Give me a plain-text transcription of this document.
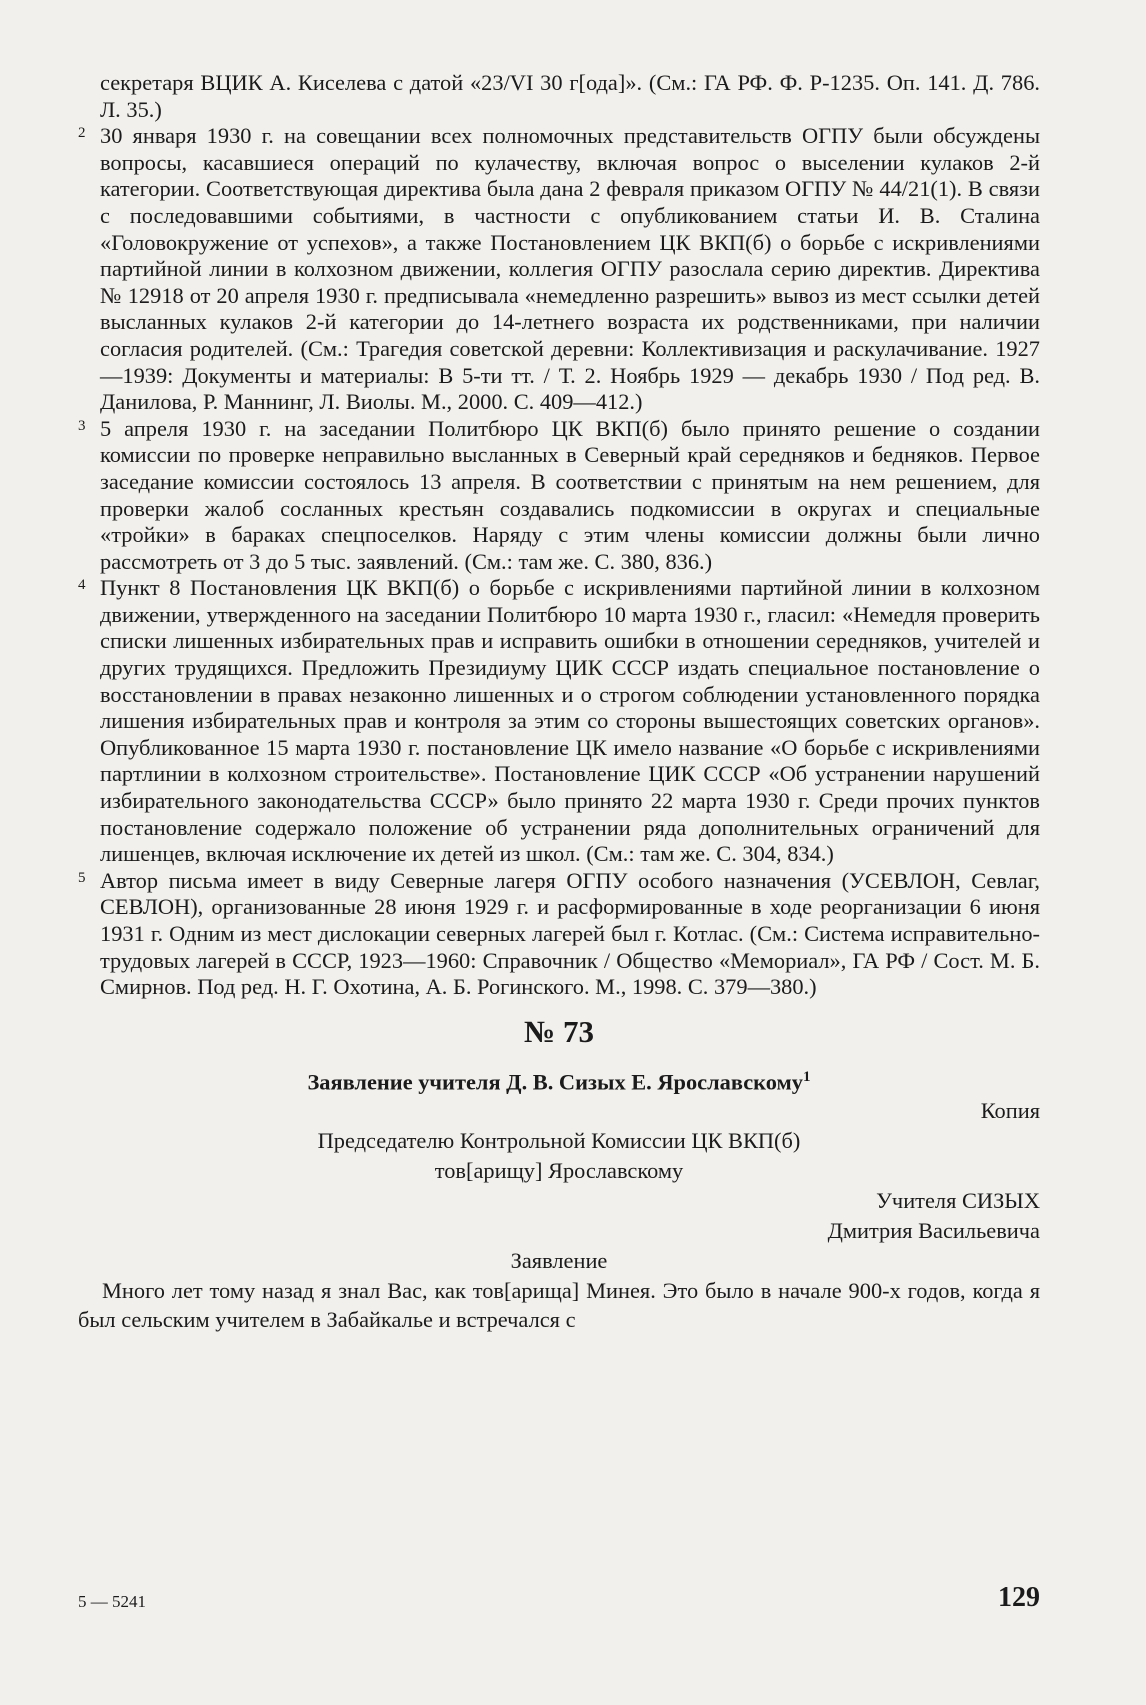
секретаря ВЦИК А. Киселева с датой «23/VI 30 г[ода]». (См.: ГА РФ. Ф. Р-1235. Оп. 141. Д. 786. Л. 35.)

2 30 января 1930 г. на совещании всех полномочных представительств ОГПУ были обсуждены вопросы, касавшиеся операций по кулачеству, включая вопрос о выселении кулаков 2-й категории. Соответствующая директива была дана 2 февраля приказом ОГПУ № 44/21(1). В связи с последовавшими событиями, в частности с опубликованием статьи И. В. Сталина «Головокружение от успехов», а также Постановлением ЦК ВКП(б) о борьбе с искривлениями партийной линии в колхозном движении, коллегия ОГПУ разослала серию директив. Директива № 12918 от 20 апреля 1930 г. предписывала «немедленно разрешить» вывоз из мест ссылки детей высланных кулаков 2-й категории до 14-летнего возраста их родственниками, при наличии согласия родителей. (См.: Трагедия советской деревни: Коллективизация и раскулачивание. 1927—1939: Документы и материалы: В 5-ти тт. / Т. 2. Ноябрь 1929 — декабрь 1930 / Под ред. В. Данилова, Р. Маннинг, Л. Виолы. М., 2000. С. 409—412.)
3 5 апреля 1930 г. на заседании Политбюро ЦК ВКП(б) было принято решение о создании комиссии по проверке неправильно высланных в Северный край середняков и бедняков. Первое заседание комиссии состоялось 13 апреля. В соответствии с принятым на нем решением, для проверки жалоб сосланных крестьян создавались подкомиссии в округах и специальные «тройки» в бараках спецпоселков. Наряду с этим члены комиссии должны были лично рассмотреть от 3 до 5 тыс. заявлений. (См.: там же. С. 380, 836.)
4 Пункт 8 Постановления ЦК ВКП(б) о борьбе с искривлениями партийной линии в колхозном движении, утвержденного на заседании Политбюро 10 марта 1930 г., гласил: «Немедля проверить списки лишенных избирательных прав и исправить ошибки в отношении середняков, учителей и других трудящихся. Предложить Президиуму ЦИК СССР издать специальное постановление о восстановлении в правах незаконно лишенных и о строгом соблюдении установленного порядка лишения избирательных прав и контроля за этим со стороны вышестоящих советских органов». Опубликованное 15 марта 1930 г. постановление ЦК имело название «О борьбе с искривлениями партлинии в колхозном строительстве». Постановление ЦИК СССР «Об устранении нарушений избирательного законодательства СССР» было принято 22 марта 1930 г. Среди прочих пунктов постановление содержало положение об устранении ряда дополнительных ограничений для лишенцев, включая исключение их детей из школ. (См.: там же. С. 304, 834.)
5 Автор письма имеет в виду Северные лагеря ОГПУ особого назначения (УСЕВЛОН, Севлаг, СЕВЛОН), организованные 28 июня 1929 г. и расформированные в ходе реорганизации 6 июня 1931 г. Одним из мест дислокации северных лагерей был г. Котлас. (См.: Система исправительно-трудовых лагерей в СССР, 1923—1960: Справочник / Общество «Мемориал», ГА РФ / Сост. М. Б. Смирнов. Под ред. Н. Г. Охотина, А. Б. Рогинского. М., 1998. С. 379—380.)

№ 73

Заявление учителя Д. В. Сизых Е. Ярославскому$^1$

Копия

Председателю Контрольной Комиссии ЦК ВКП(б)

тов[арищу] Ярославскому

Учителя СИЗЫХ

Дмитрия Васильевича

Заявление

Много лет тому назад я знал Вас, как тов[арища] Минея. Это было в начале 900-х годов, когда я был сельским учителем в Забайкалье и встречался с

5 — 5241	129
